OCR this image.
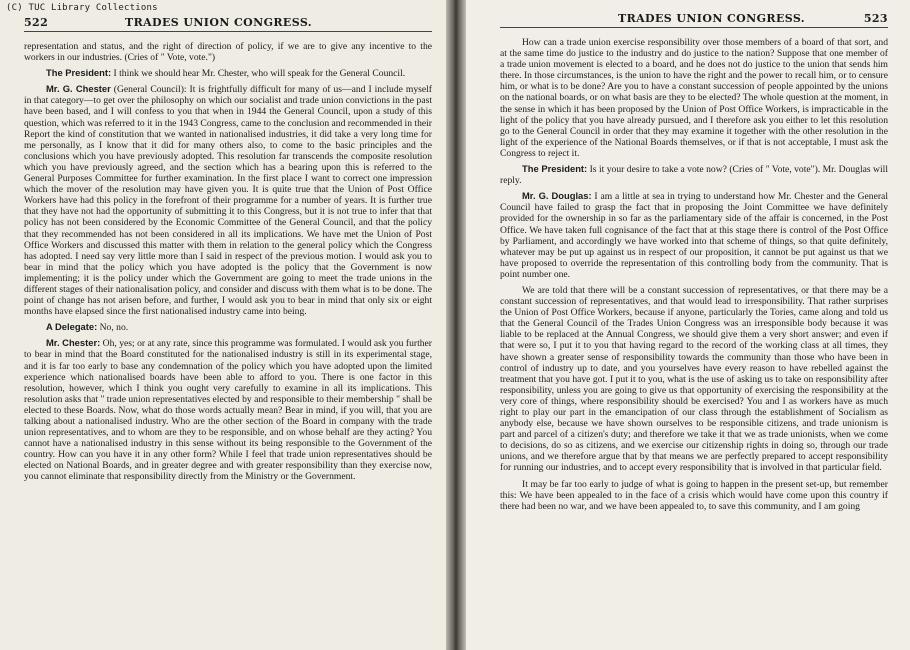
(C) TUC Library Collections
522	TRADES UNION CONGRESS.

representation and status, and the right of direction of policy, if we are to give any incentive to the workers in our industries. (Cries of " Vote, vote.")

The President: I think we should hear Mr. Chester, who will speak for the General Council.

Mr. G. Chester (General Council): It is frightfully difficult for many of us—and I include myself in that category—to get over the philosophy on which our socialist and trade union convictions in the past have been based, and I will confess to you that when in 1944 the General Council, upon a study of this question, which was referred to it in the 1943 Congress, came to the conclusion and recommended in their Report the kind of constitution that we wanted in nationalised industries, it did take a very long time for me personally, as I know that it did for many others also, to come to the basic principles and the conclusions which you have previously adopted. This resolution far transcends the composite resolution which you have previously agreed, and the section which has a bearing upon this is referred to the General Purposes Committee for further examination. In the first place I want to correct one impression which the mover of the resolution may have given you. It is quite true that the Union of Post Office Workers have had this policy in the forefront of their programme for a number of years. It is further true that they have not had the opportunity of submitting it to this Congress, but it is not true to infer that that policy has not been considered by the Economic Committee of the General Council, and that the policy that they recommended has not been considered in all its implications. We have met the Union of Post Office Workers and discussed this matter with them in relation to the general policy which the Congress has adopted. I need say very little more than I said in respect of the previous motion. I would ask you to bear in mind that the policy which you have adopted is the policy that the Government is now implementing; it is the policy under which the Government are going to meet the trade unions in the different stages of their nationalisation policy, and consider and discuss with them what is to be done. The point of change has not arisen before, and further, I would ask you to bear in mind that only six or eight months have elapsed since the first nationalised industry came into being.

A Delegate: No, no.

Mr. Chester: Oh, yes; or at any rate, since this programme was formulated. I would ask you further to bear in mind that the Board constituted for the nationalised industry is still in its experimental stage, and it is far too early to base any condemnation of the policy which you have adopted upon the limited experience which nationalised boards have been able to afford to you. There is one factor in this resolution, however, which I think you ought very carefully to examine in all its implications. This resolution asks that " trade union representatives elected by and responsible to their membership " shall be elected to these Boards. Now, what do those words actually mean? Bear in mind, if you will, that you are talking about a nationalised industry. Who are the other section of the Board in company with the trade union representatives, and to whom are they to be responsible, and on whose behalf are they acting? You cannot have a nationalised industry in this sense without its being responsible to the Government of the country. How can you have it in any other form? While I feel that trade union representatives should be elected on National Boards, and in greater degree and with greater responsibility than they exercise now, you cannot eliminate that responsibility directly from the Ministry or the Government.

TRADES UNION CONGRESS.	523

How can a trade union exercise responsibility over those members of a board of that sort, and at the same time do justice to the industry and do justice to the nation? Suppose that one member of a trade union movement is elected to a board, and he does not do justice to the union that sends him there. In those circumstances, is the union to have the right and the power to recall him, or to censure him, or what is to be done? Are you to have a constant succession of people appointed by the unions on the national boards, or on what basis are they to be elected? The whole question at the moment, in the sense in which it has been proposed by the Union of Post Office Workers, is impracticable in the light of the policy that you have already pursued, and I therefore ask you either to let this resolution go to the General Council in order that they may examine it together with the other resolution in the light of the experience of the National Boards themselves, or if that is not acceptable, I must ask the Congress to reject it.

The President: Is it your desire to take a vote now? (Cries of " Vote, vote"). Mr. Douglas will reply.

Mr. G. Douglas: I am a little at sea in trying to understand how Mr. Chester and the General Council have failed to grasp the fact that in proposing the Joint Committee we have definitely provided for the ownership in so far as the parliamentary side of the affair is concerned, in the Post Office. We have taken full cognisance of the fact that at this stage there is control of the Post Office by Parliament, and accordingly we have worked into that scheme of things, so that quite definitely, whatever may be put up against us in respect of our proposition, it cannot be put against us that we have proposed to override the representation of this controlling body from the community. That is point number one.

We are told that there will be a constant succession of representatives, or that there may be a constant succession of representatives, and that would lead to irresponsibility. That rather surprises the Union of Post Office Workers, because if anyone, particularly the Tories, came along and told us that the General Council of the Trades Union Congress was an irresponsible body because it was liable to be replaced at the Annual Congress, we should give them a very short answer; and even if that were so, I put it to you that having regard to the record of the working class at all times, they have shown a greater sense of responsibility towards the community than those who have been in control of industry up to date, and you yourselves have every reason to have rebelled against the treatment that you have got. I put it to you, what is the use of asking us to take on responsibility after responsibility, unless you are going to give us that opportunity of exercising the responsibility at the very core of things, where responsibility should be exercised? You and I as workers have as much right to play our part in the emancipation of our class through the establishment of Socialism as anybody else, because we have shown ourselves to be responsible citizens, and trade unionism is part and parcel of a citizen's duty; and therefore we take it that we as trade unionists, when we come to decisions, do so as citizens, and we exercise our citizenship rights in doing so, through our trade unions, and we therefore argue that by that means we are perfectly prepared to accept responsibility for running our industries, and to accept every responsibility that is involved in that particular field.

It may be far too early to judge of what is going to happen in the present set-up, but remember this: We have been appealed to in the face of a crisis which would have come upon this country if there had been no war, and we have been appealed to, to save this community, and I am going
